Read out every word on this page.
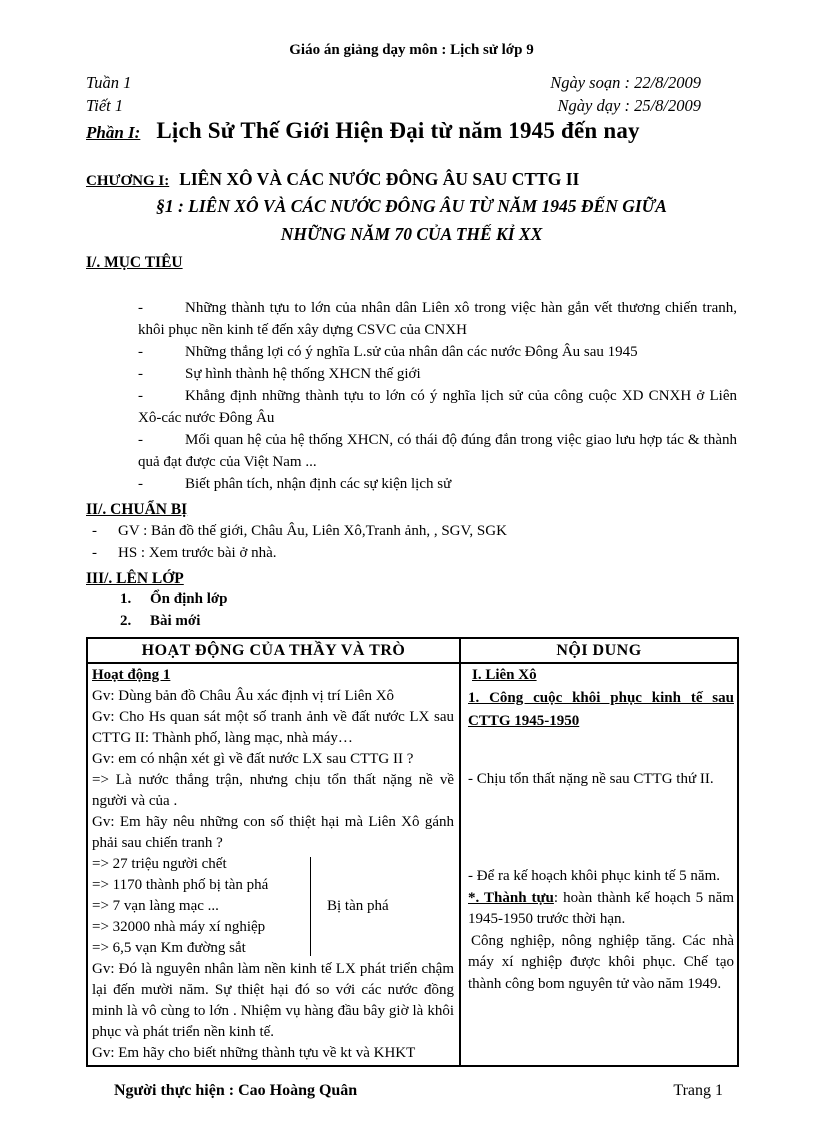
Giáo án giảng dạy môn : Lịch sử lớp 9
Tuần 1	Ngày soạn : 22/8/2009
Tiết 1	Ngày dạy : 25/8/2009
Phần I: Lịch Sử Thế Giới Hiện Đại từ năm 1945 đến nay
CHƯƠNG I: LIÊN XÔ VÀ CÁC NƯỚC ĐÔNG ÂU SAU CTTG II
§1 : LIÊN XÔ VÀ CÁC NƯỚC ĐÔNG ÂU TỪ NĂM 1945 ĐẾN GIỮA
NHỮNG NĂM 70 CỦA THẾ KỈ XX
I/. MỤC TIÊU
-	Những thành tựu to lớn của nhân dân Liên xô trong việc hàn gắn vết thương chiến tranh, khôi phục nền kinh tế đến xây dựng CSVC của CNXH
-	Những thắng lợi có ý nghĩa L.sử của nhân dân các nước Đông Âu sau 1945
-	Sự hình thành hệ thống XHCN thế giới
-	Khẳng định những thành tựu to lớn có ý nghĩa lịch sử của công cuộc XD CNXH ở Liên Xô-các nước Đông Âu
-	Mối quan hệ của hệ thống XHCN, có thái độ đúng đắn trong việc giao lưu hợp tác & thành quả đạt được của Việt Nam ...
-	Biết phân tích, nhận định các sự kiện lịch sử
II/. CHUẨN BỊ
- GV : Bản đồ thế giới, Châu Âu, Liên Xô,Tranh ảnh, , SGV, SGK
- HS : Xem trước bài ở nhà.
III/. LÊN LỚP
1. Ổn định lớp
2. Bài mới
HOẠT ĐỘNG CỦA THẦY VÀ TRÒ	NỘI DUNG

Hoạt động 1
Gv: Dùng bản đồ Châu Âu xác định vị trí Liên Xô
Gv: Cho Hs quan sát một số tranh ảnh về đất nước LX sau CTTG II: Thành phố, làng mạc, nhà máy…
Gv: em có nhận xét gì về đất nước LX sau CTTG II ?
=> Là nước thắng trận, nhưng chịu tổn thất nặng nề về người và của .
Gv: Em hãy nêu những con số thiệt hại mà Liên Xô gánh phải sau chiến tranh ?
=> 27 triệu người chết
=> 1170 thành phố bị tàn phá
=> 7 vạn làng mạc ...
=> 32000 nhà máy xí nghiệp
=> 6,5 vạn Km đường sắt
Bị tàn phá
Gv: Đó là nguyên nhân làm nền kinh tế LX phát triển chậm lại đến mười năm. Sự thiệt hại đó so với các nước đồng minh là vô cùng to lớn . Nhiệm vụ hàng đầu bây giờ là khôi phục và phát triển nền kinh tế.
Gv: Em hãy cho biết những thành tựu về kt và KHKT

I. Liên Xô
1. Công cuộc khôi phục kinh tế sau CTTG 1945-1950
- Chịu tổn thất nặng nề sau CTTG thứ II.
- Để ra kế hoạch khôi phục kinh tế 5 năm.
*. Thành tựu: hoàn thành kế hoạch 5 năm 1945-1950 trước thời hạn.
Công nghiệp, nông nghiệp tăng. Các nhà máy xí nghiệp được khôi phục. Chế tạo thành công bom nguyên tử vào năm 1949.
Người thực hiện : Cao Hoàng Quân	Trang 1
